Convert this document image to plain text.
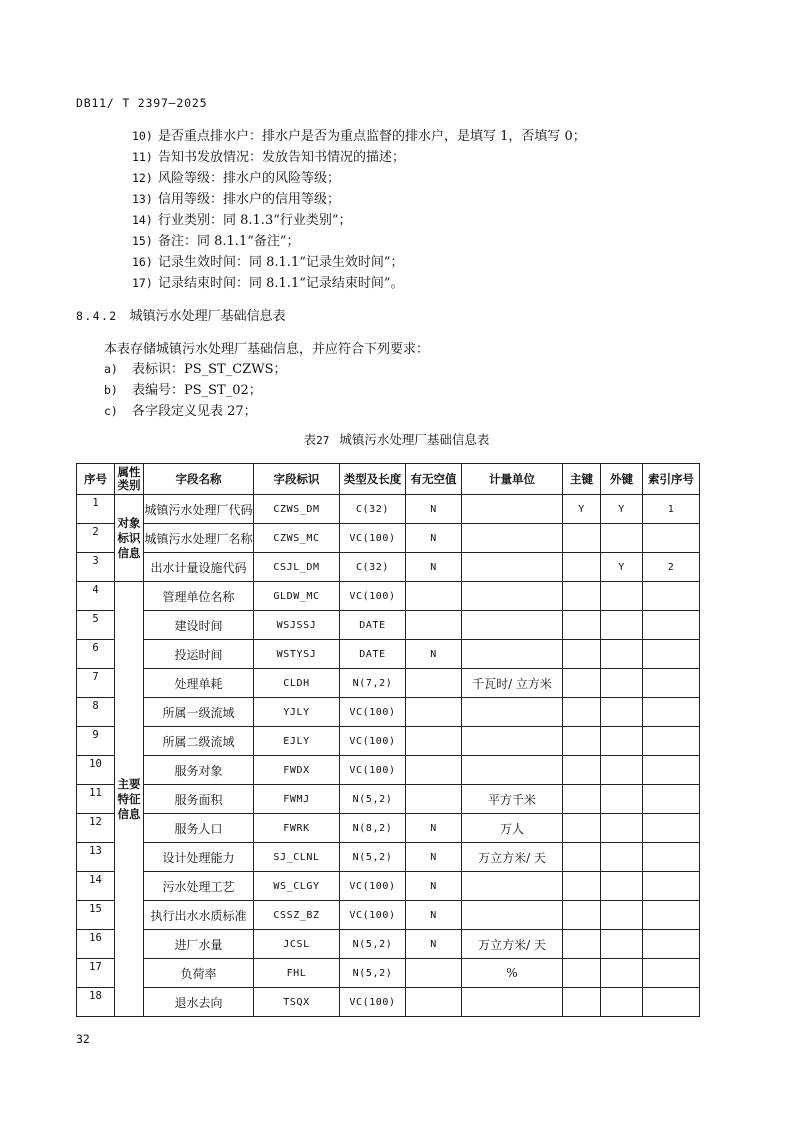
DB11/ T 2397—2025
10) 是否重点排水户：排水户是否为重点监督的排水户，是填写 1，否填写 0；
11) 告知书发放情况：发放告知书情况的描述；
12) 风险等级：排水户的风险等级；
13) 信用等级：排水户的信用等级；
14) 行业类别：同 8.1.3“行业类别”；
15) 备注：同 8.1.1“备注”；
16) 记录生效时间：同 8.1.1“记录生效时间”；
17) 记录结束时间：同 8.1.1“记录结束时间”。
8.4.2 城镇污水处理厂基础信息表
本表存储城镇污水处理厂基础信息，并应符合下列要求：
a) 表标识：PS_ST_CZWS；
b) 表编号：PS_ST_02；
c) 各字段定义见表 27；
表27 城镇污水处理厂基础信息表
序号	属性类别	字段名称	字段标识	类型及长度	有无空值	计量单位	主键	外键	索引序号
1	对象标识信息	城镇污水处理厂代码	CZWS_DM	C(32)	N		Y	Y	1
2		城镇污水处理厂名称	CZWS_MC	VC(100)	N				
3		出水计量设施代码	CSJL_DM	C(32)	N			Y	2
4	主要特征信息	管理单位名称	GLDW_MC	VC(100)					
5		建设时间	WSJSSJ	DATE					
6		投运时间	WSTYSJ	DATE	N				
7		处理单耗	CLDH	N(7,2)		千瓦时/ 立方米			
8		所属一级流域	YJLY	VC(100)					
9		所属二级流域	EJLY	VC(100)					
10		服务对象	FWDX	VC(100)					
11		服务面积	FWMJ	N(5,2)		平方千米			
12		服务人口	FWRK	N(8,2)	N	万人			
13		设计处理能力	SJ_CLNL	N(5,2)	N	万立方米/ 天			
14		污水处理工艺	WS_CLGY	VC(100)	N				
15		执行出水水质标准	CSSZ_BZ	VC(100)	N				
16		进厂水量	JCSL	N(5,2)	N	万立方米/ 天			
17		负荷率	FHL	N(5,2)		%			
18		退水去向	TSQX	VC(100)					
32
